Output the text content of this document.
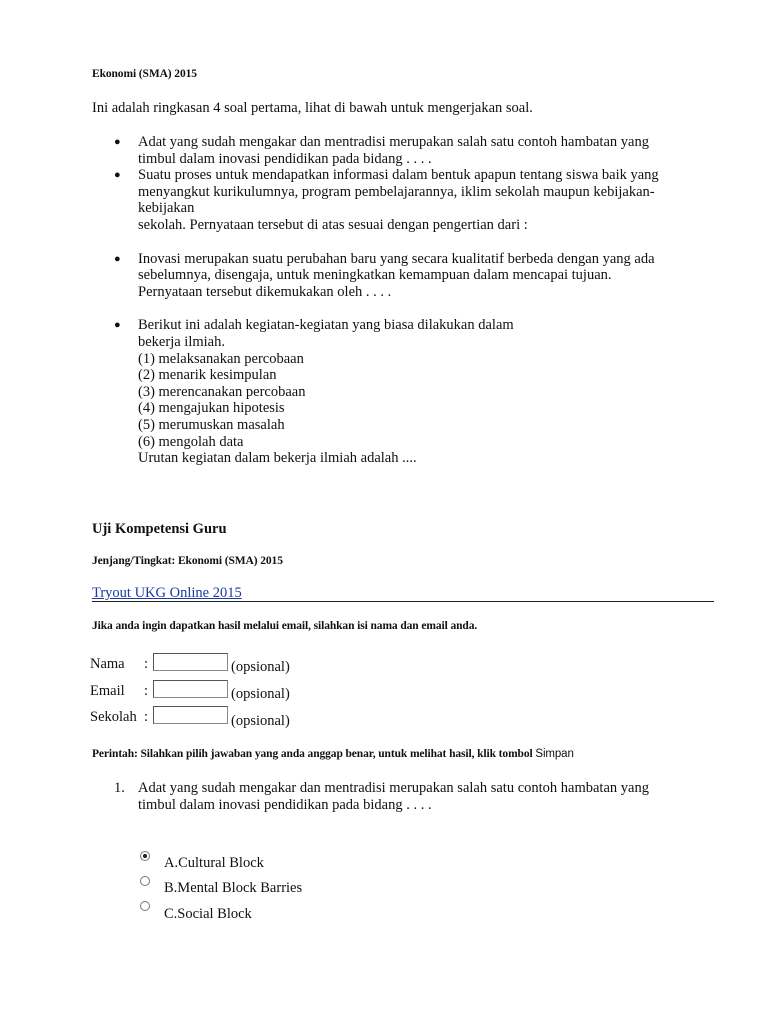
Ekonomi (SMA) 2015
Ini adalah ringkasan 4 soal pertama, lihat di bawah untuk mengerjakan soal.
● Adat yang sudah mengakar dan mentradisi merupakan salah satu contoh hambatan yang
timbul dalam inovasi pendidikan pada bidang . . . .
● Suatu proses untuk mendapatkan informasi dalam bentuk apapun tentang siswa baik yang
menyangkut kurikulumnya, program pembelajarannya, iklim sekolah maupun kebijakan-
kebijakan
sekolah. Pernyataan tersebut di atas sesuai dengan pengertian dari :
● Inovasi merupakan suatu perubahan baru yang secara kualitatif berbeda dengan yang ada
sebelumnya, disengaja, untuk meningkatkan kemampuan dalam mencapai tujuan.
Pernyataan tersebut dikemukakan oleh . . . .
● Berikut ini adalah kegiatan-kegiatan yang biasa dilakukan dalam
bekerja ilmiah.
(1) melaksanakan percobaan
(2) menarik kesimpulan
(3) merencanakan percobaan
(4) mengajukan hipotesis
(5) merumuskan masalah
(6) mengolah data
Urutan kegiatan dalam bekerja ilmiah adalah ....
Uji Kompetensi Guru
Jenjang/Tingkat: Ekonomi (SMA) 2015
Tryout UKG Online 2015
Jika anda ingin dapatkan hasil melalui email, silahkan isi nama dan email anda.
Nama :	(opsional)
Email :	(opsional)
Sekolah :	(opsional)
Perintah: Silahkan pilih jawaban yang anda anggap benar, untuk melihat hasil, klik tombol Simpan
1. Adat yang sudah mengakar dan mentradisi merupakan salah satu contoh hambatan yang
timbul dalam inovasi pendidikan pada bidang . . . .
A.Cultural Block
B.Mental Block Barries
C.Social Block
